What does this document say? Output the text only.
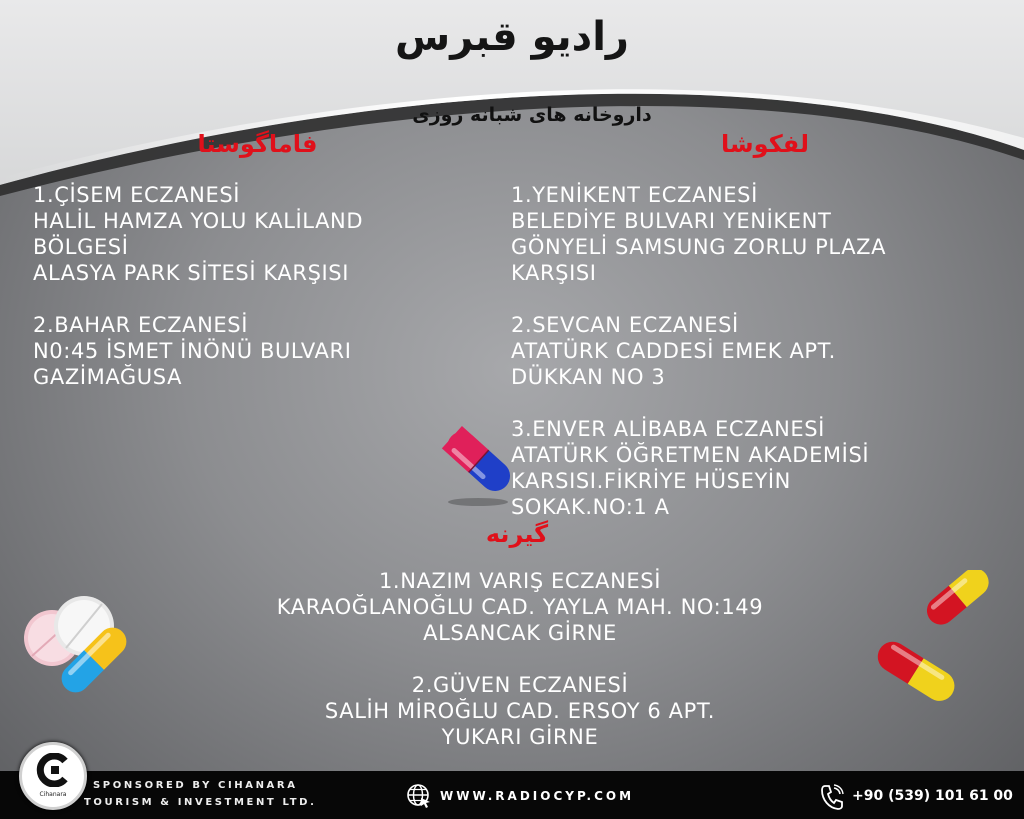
رادیو قبرس
داروخانه های شبانه روزی
فاماگوستا	لفکوشا
1.ÇİSEM ECZANESİ
HALİL HAMZA YOLU KALİLAND
BÖLGESİ
ALASYA PARK SİTESİ KARŞISI
2.BAHAR ECZANESİ
N0:45 İSMET İNÖNÜ BULVARI
GAZİMAĞUSA
1.YENİKENT ECZANESİ
BELEDİYE BULVARI YENİKENT
GÖNYELİ SAMSUNG ZORLU PLAZA
KARŞISI
2.SEVCAN ECZANESİ
ATATÜRK CADDESİ EMEK APT.
DÜKKAN NO 3
3.ENVER ALİBABA ECZANESİ
ATATÜRK ÖĞRETMEN AKADEMİSİ
KARSISI.FİKRİYE HÜSEYİN
SOKAK.NO:1 A
گیرنه
1.NAZIM VARIŞ ECZANESİ
KARAOĞLANOĞLU CAD. YAYLA MAH. NO:149
ALSANCAK GİRNE
2.GÜVEN ECZANESİ
SALİH MİROĞLU CAD. ERSOY 6 APT.
YUKARI GİRNE
Cihanara
SPONSORED BY CIHANARA
TOURISM & INVESTMENT LTD.	WWW.RADIOCYP.COM	+90 (539) 101 61 00
